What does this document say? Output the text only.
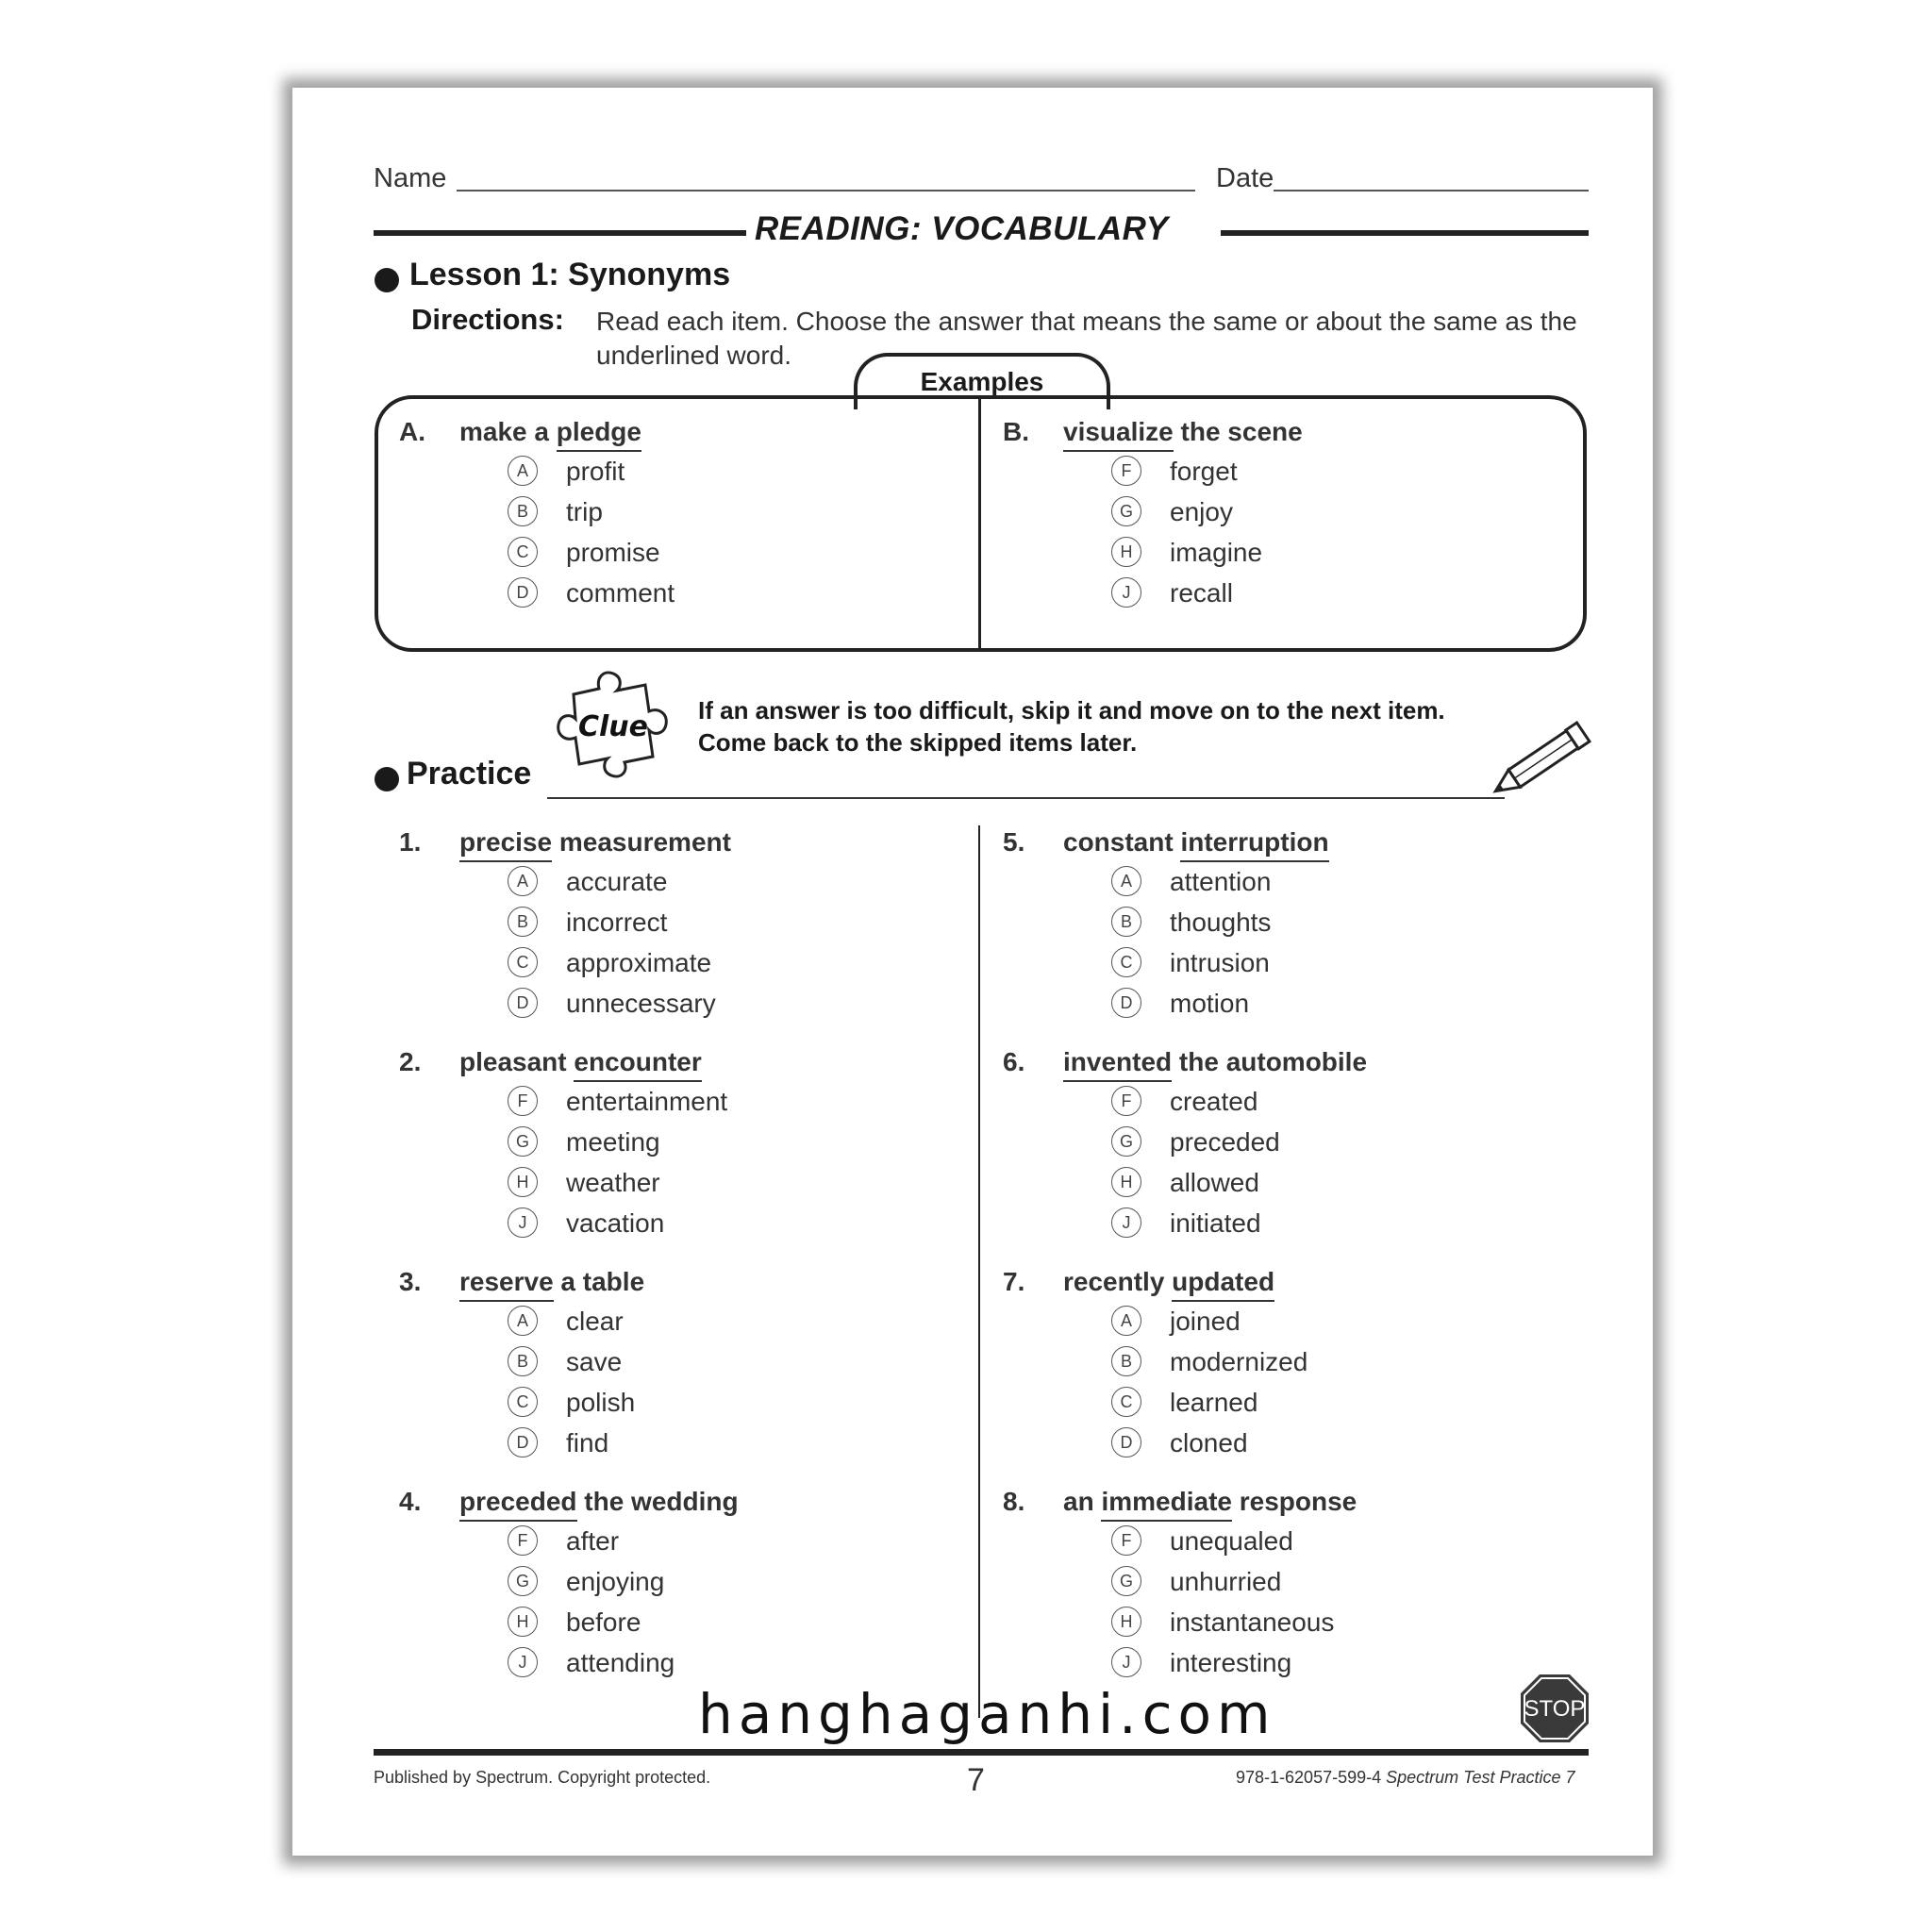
Name	Date
READING: VOCABULARY
Lesson 1: Synonyms
Directions: Read each item. Choose the answer that means the same or about the same as the underlined word.
Examples
A. make a pledge
A	profit
B	trip
C	promise
D	comment
B. visualize the scene
F	forget
G	enjoy
H	imagine
J	recall
Clue If an answer is too difficult, skip it and move on to the next item.
Come back to the skipped items later.
Practice
1. precise measurement
A	accurate
B	incorrect
C	approximate
D	unnecessary
2. pleasant encounter
F	entertainment
G	meeting
H	weather
J	vacation
3. reserve a table
A	clear
B	save
C	polish
D	find
4. preceded the wedding
F	after
G	enjoying
H	before
J	attending
5. constant interruption
A	attention
B	thoughts
C	intrusion
D	motion
6. invented the automobile
F	created
G	preceded
H	allowed
J	initiated
7. recently updated
A	joined
B	modernized
C	learned
D	cloned
8. an immediate response
F	unequaled
G	unhurried
H	instantaneous
J	interesting
STOP
Published by Spectrum. Copyright protected.	7	978-1-62057-599-4 Spectrum Test Practice 7
hanghaganhi.com
